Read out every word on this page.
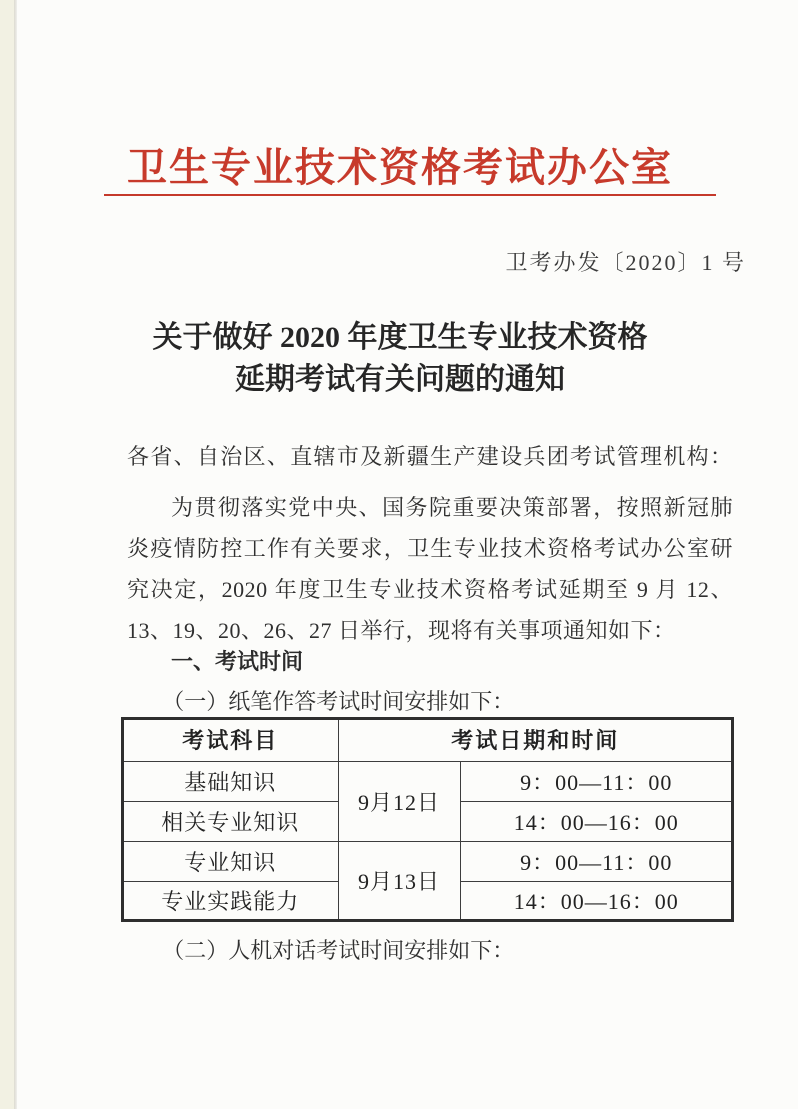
卫生专业技术资格考试办公室
卫考办发〔2020〕1 号
关于做好 2020 年度卫生专业技术资格
延期考试有关问题的通知
各省、自治区、直辖市及新疆生产建设兵团考试管理机构：
为贯彻落实党中央、国务院重要决策部署，按照新冠肺炎疫情防控工作有关要求，卫生专业技术资格考试办公室研究决定，2020 年度卫生专业技术资格考试延期至 9 月 12、13、19、20、26、27 日举行，现将有关事项通知如下：
一、考试时间
（一）纸笔作答考试时间安排如下：
考试科目	考试日期和时间	
基础知识	9月12日	9：00—11：00
相关专业知识		14：00—16：00
专业知识	9月13日	9：00—11：00
专业实践能力		14：00—16：00
（二）人机对话考试时间安排如下：
